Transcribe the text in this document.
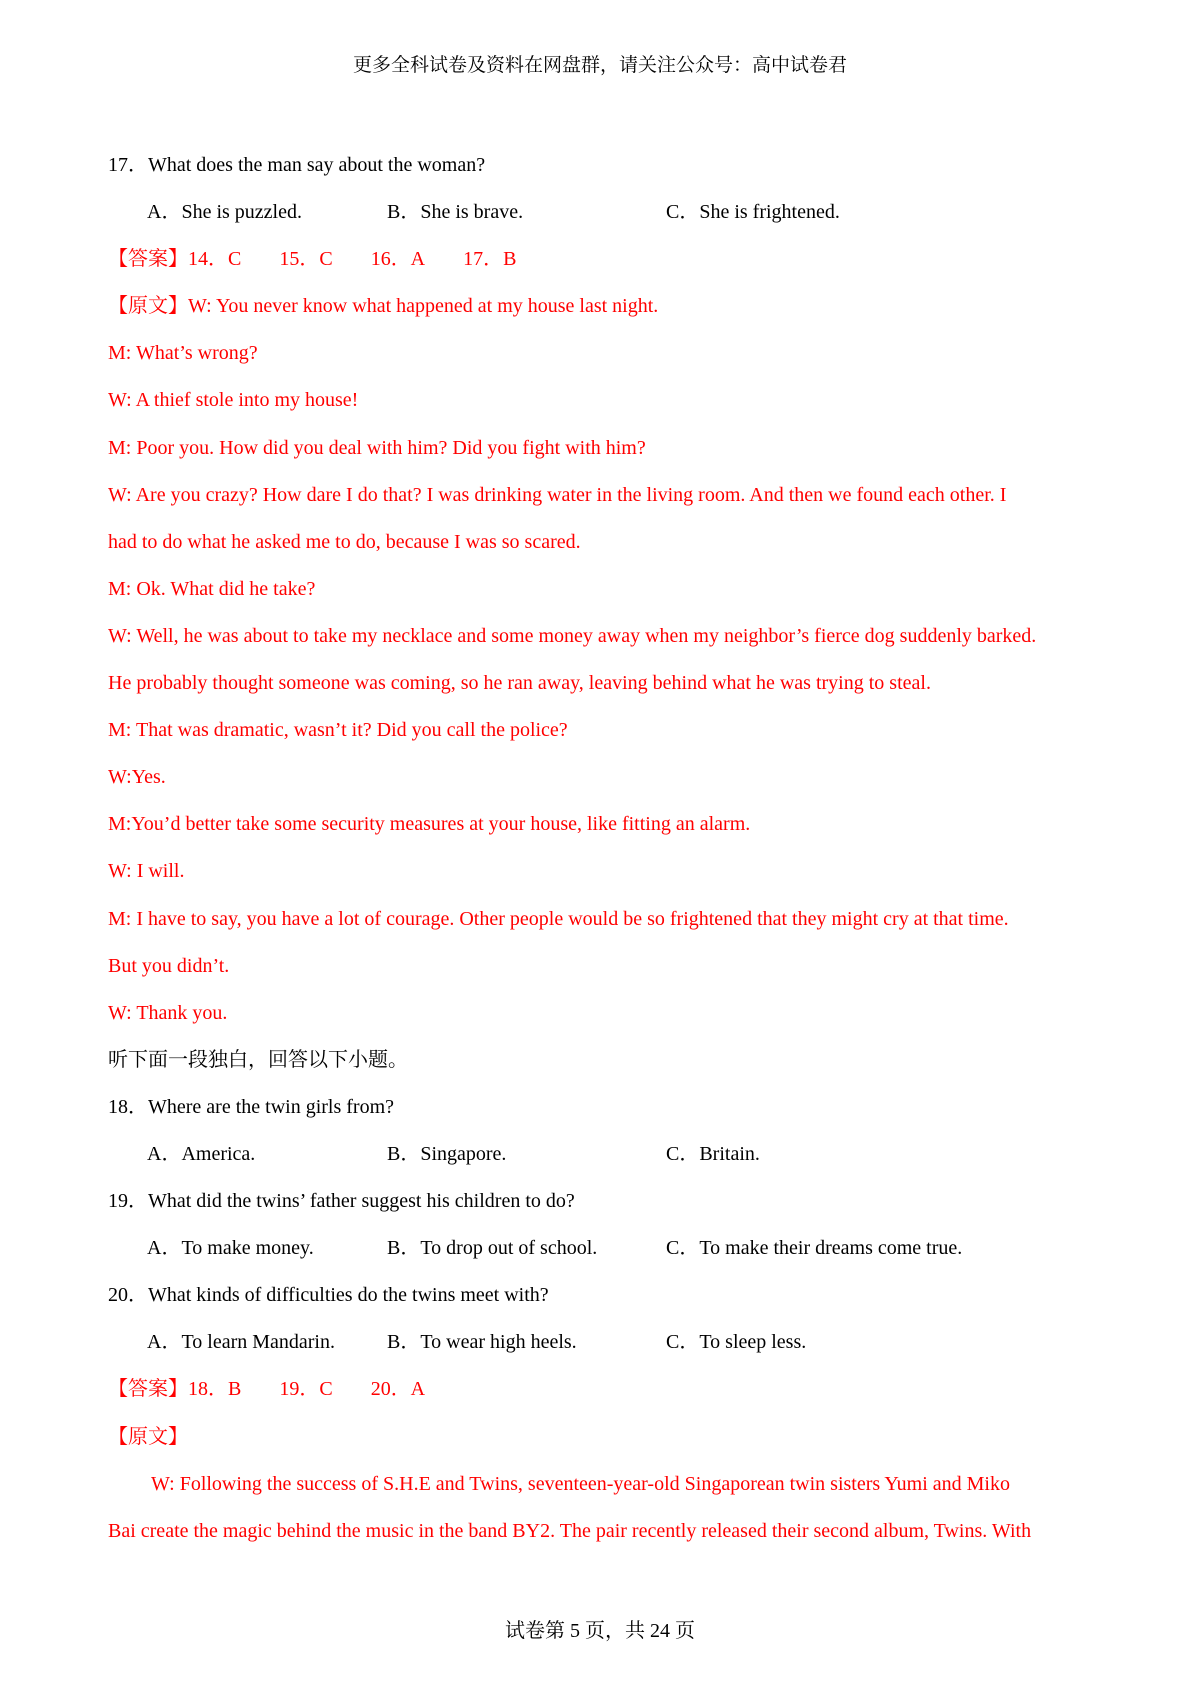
更多全科试卷及资料在网盘群，请关注公众号：高中试卷君
17．What does the man say about the woman?
A．She is puzzled.	B．She is brave.	C．She is frightened.
【答案】14．C 15．C 16．A 17．B
【原文】W: You never know what happened at my house last night.
M: What’s wrong?
W: A thief stole into my house!
M: Poor you. How did you deal with him? Did you fight with him?
W: Are you crazy? How dare I do that? I was drinking water in the living room. And then we found each other. I
had to do what he asked me to do, because I was so scared.
M: Ok. What did he take?
W: Well, he was about to take my necklace and some money away when my neighbor’s fierce dog suddenly barked.
He probably thought someone was coming, so he ran away, leaving behind what he was trying to steal.
M: That was dramatic, wasn’t it? Did you call the police?
W:Yes.
M:You’d better take some security measures at your house, like fitting an alarm.
W: I will.
M: I have to say, you have a lot of courage. Other people would be so frightened that they might cry at that time.
But you didn’t.
W: Thank you.
听下面一段独白，回答以下小题。
18．Where are the twin girls from?
A．America.	B．Singapore.	C．Britain.
19．What did the twins’ father suggest his children to do?
A．To make money.	B．To drop out of school.	C．To make their dreams come true.
20．What kinds of difficulties do the twins meet with?
A．To learn Mandarin.	B．To wear high heels.	C．To sleep less.
【答案】18．B 19．C 20．A
【原文】
W: Following the success of S.H.E and Twins, seventeen-year-old Singaporean twin sisters Yumi and Miko
Bai create the magic behind the music in the band BY2. The pair recently released their second album, Twins. With
试卷第 5 页，共 24 页
